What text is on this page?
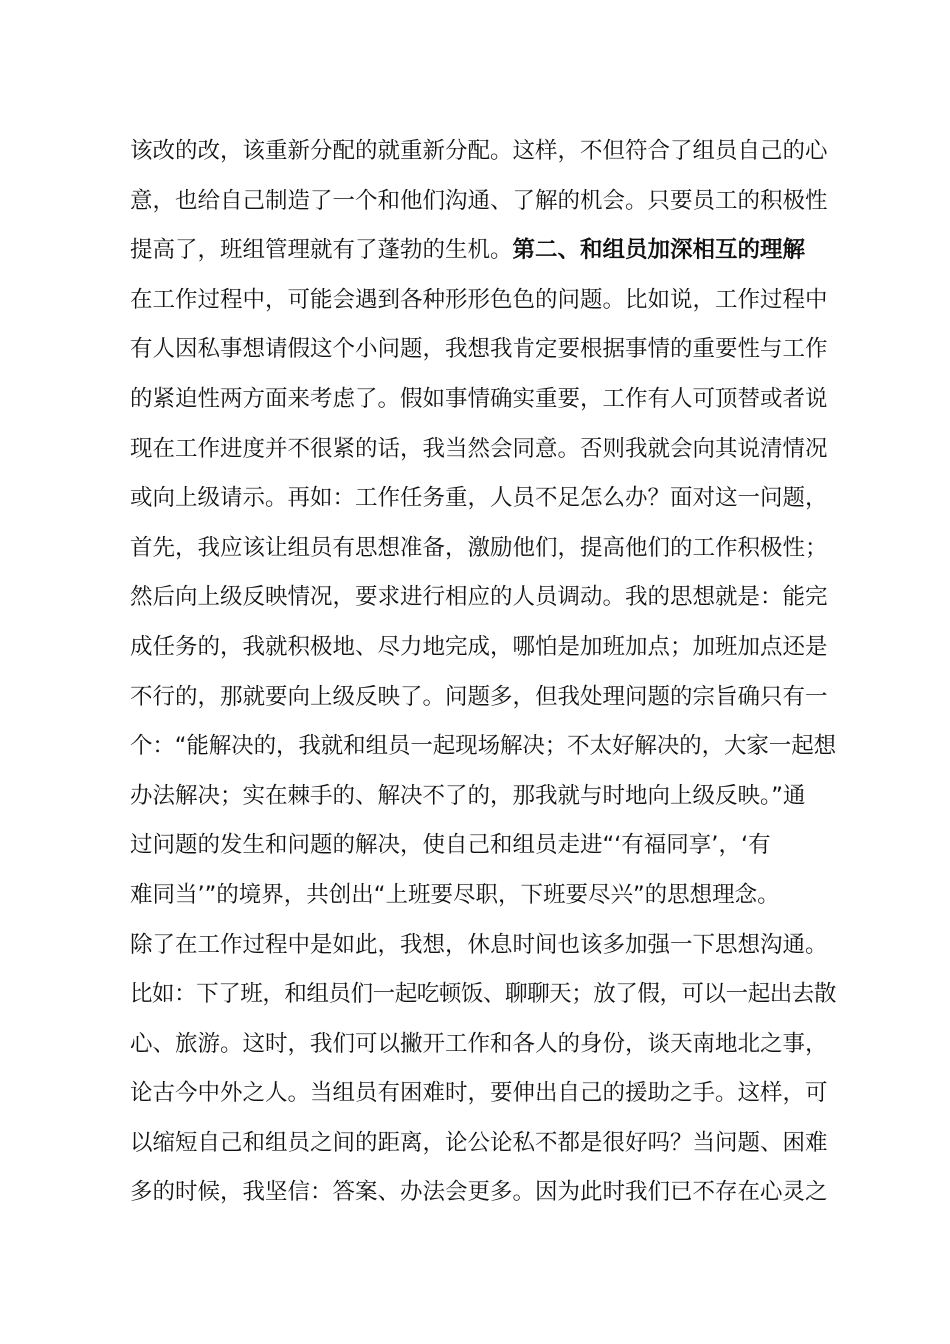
该改的改，该重新分配的就重新分配。这样，不但符合了组员自己的心
意，也给自己制造了一个和他们沟通、了解的机会。只要员工的积极性
提高了，班组管理就有了蓬勃的生机。第二、和组员加深相互的理解
在工作过程中，可能会遇到各种形形色色的问题。比如说，工作过程中
有人因私事想请假这个小问题，我想我肯定要根据事情的重要性与工作
的紧迫性两方面来考虑了。假如事情确实重要，工作有人可顶替或者说
现在工作进度并不很紧的话，我当然会同意。否则我就会向其说清情况
或向上级请示。再如：工作任务重，人员不足怎么办？面对这一问题，
首先，我应该让组员有思想准备，激励他们，提高他们的工作积极性；
然后向上级反映情况，要求进行相应的人员调动。我的思想就是：能完
成任务的，我就积极地、尽力地完成，哪怕是加班加点；加班加点还是
不行的，那就要向上级反映了。问题多，但我处理问题的宗旨确只有一
个：“能解决的，我就和组员一起现场解决；不太好解决的，大家一起想
办法解决；实在棘手的、解决不了的，那我就与时地向上级反映。”通
过问题的发生和问题的解决，使自己和组员走进“‘有福同享’，‘有
难同当’”的境界，共创出“上班要尽职，下班要尽兴”的思想理念。
除了在工作过程中是如此，我想，休息时间也该多加强一下思想沟通。
比如：下了班，和组员们一起吃顿饭、聊聊天；放了假，可以一起出去散
心、旅游。这时，我们可以撇开工作和各人的身份，谈天南地北之事，
论古今中外之人。当组员有困难时，要伸出自己的援助之手。这样，可
以缩短自己和组员之间的距离，论公论私不都是很好吗？当问题、困难
多的时候，我坚信：答案、办法会更多。因为此时我们已不存在心灵之
